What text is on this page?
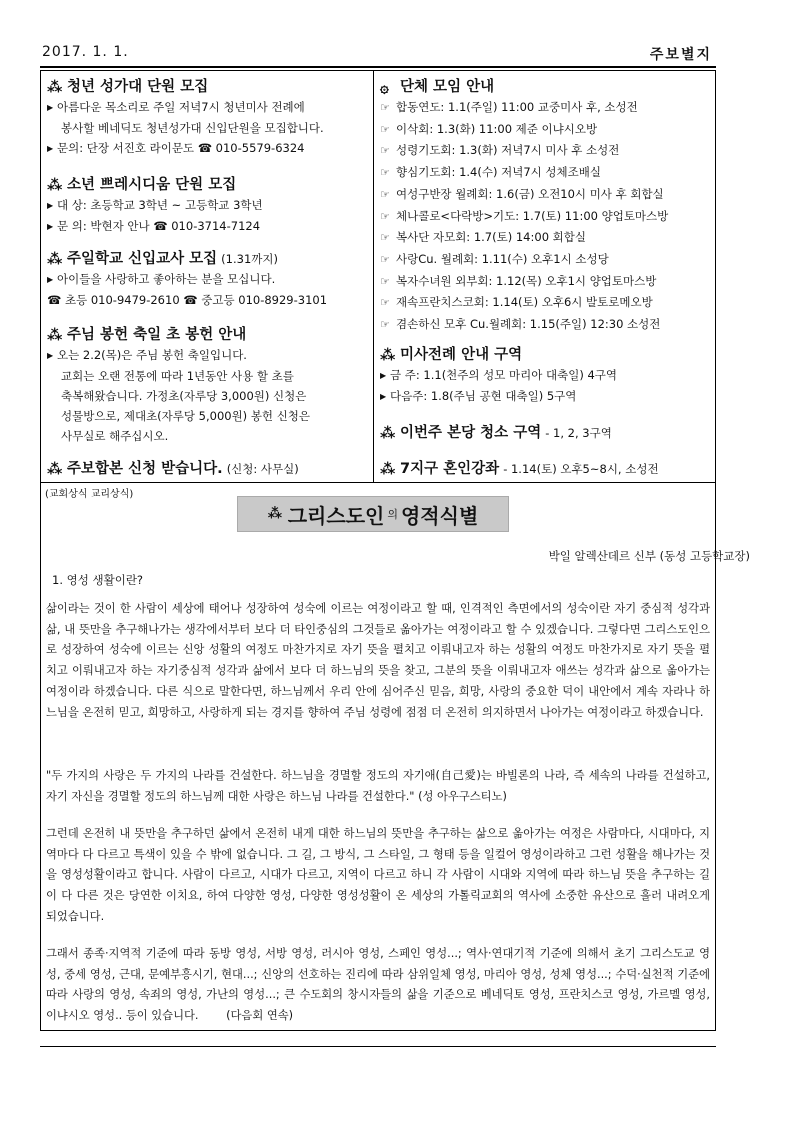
2017. 1. 1.	주보별지
⁂ 청년 성가대 단원 모집
▶ 아름다운 목소리로 주일 저녁7시 청년미사 전례에
봉사할 베네딕도 청년성가대 신입단원을 모집합니다.
▶ 문의: 단장 서진호 라이문도 ☎ 010-5579-6324
⁂ 소년 쁘레시디움 단원 모집
▶ 대 상: 초등학교 3학년 ~ 고등학교 3학년
▶ 문 의: 박현자 안나 ☎ 010-3714-7124
⁂ 주일학교 신입교사 모집 (1.31까지)
▶ 아이들을 사랑하고 좋아하는 분을 모십니다.
☎ 초등 010-9479-2610 ☎ 중고등 010-8929-3101
⁂ 주님 봉헌 축일 초 봉헌 안내
▶ 오는 2.2(목)은 주님 봉헌 축일입니다.
교회는 오랜 전통에 따라 1년동안 사용 할 초를
축복해왔습니다. 가정초(자루당 3,000원) 신청은
성물방으로, 제대초(자루당 5,000원) 봉헌 신청은
사무실로 해주십시오.
⁂ 주보합본 신청 받습니다. (신청: 사무실)
۞ 단체 모임 안내
☞ 합동연도: 1.1(주일) 11:00 교중미사 후, 소성전
☞ 이삭회: 1.3(화) 11:00 제준 이냐시오방
☞ 성령기도회: 1.3(화) 저녁7시 미사 후 소성전
☞ 향심기도회: 1.4(수) 저녁7시 성체조배실
☞ 여성구반장 월례회: 1.6(금) 오전10시 미사 후 회합실
☞ 체나콜로<다락방>기도: 1.7(토) 11:00 양업토마스방
☞ 복사단 자모회: 1.7(토) 14:00 회합실
☞ 사랑Cu. 월례회: 1.11(수) 오후1시 소성당
☞ 복자수녀원 외부회: 1.12(목) 오후1시 양업토마스방
☞ 재속프란치스코회: 1.14(토) 오후6시 발토로메오방
☞ 겸손하신 모후 Cu.월례회: 1.15(주일) 12:30 소성전
⁂ 미사전례 안내 구역
▶ 금 주: 1.1(천주의 성모 마리아 대축일) 4구역
▶ 다음주: 1.8(주님 공현 대축일) 5구역
⁂ 이번주 본당 청소 구역 - 1, 2, 3구역
⁂ 7지구 혼인강좌 - 1.14(토) 오후5~8시, 소성전
(교회상식 교리상식)
⁂ 그리스도인 의 영적식별
박일 알렉산데르 신부 (동성 고등학교장)
1. 영성 생활이란?
삶이라는 것이 한 사람이 세상에 태어나 성장하여 성숙에 이르는 여정이라고 할 때, 인격적인 측면에서의 성숙이란 자기 중심적 성각과 삶, 내 뜻만을 추구해나가는 생각에서부터 보다 더 타인중심의 그것들로 옮아가는 여정이라고 할 수 있겠습니다. 그렇다면 그리스도인으로 성장하여 성숙에 이르는 신앙 성활의 여정도 마찬가지로 자기 뜻을 펼치고 이뤄내고자 하는 성활의 여정도 마찬가지로 자기 뜻을 펼치고 이뤄내고자 하는 자기중심적 성각과 삶에서 보다 더 하느님의 뜻을 찾고, 그분의 뜻을 이뤄내고자 애쓰는 성각과 삶으로 옮아가는 여정이라 하겠습니다. 다른 식으로 말한다면, 하느님께서 우리 안에 심어주신 믿음, 희망, 사랑의 중요한 덕이 내안에서 계속 자라나 하느님을 온전히 믿고, 희망하고, 사랑하게 되는 경지를 향하여 주님 성령에 점점 더 온전히 의지하면서 나아가는 여정이라고 하겠습니다.
"두 가지의 사랑은 두 가지의 나라를 건설한다. 하느님을 경멸할 정도의 자기애(自己愛)는 바빌론의 나라, 즉 세속의 나라를 건설하고, 자기 자신을 경멸할 정도의 하느님께 대한 사랑은 하느님 나라를 건설한다." (성 아우구스티노)
그런데 온전히 내 뜻만을 추구하던 삶에서 온전히 내게 대한 하느님의 뜻만을 추구하는 삶으로 옮아가는 여정은 사람마다, 시대마다, 지역마다 다 다르고 특색이 있을 수 밖에 없습니다. 그 길, 그 방식, 그 스타일, 그 형태 등을 일컬어 영성이라하고 그런 성활을 해나가는 것을 영성성활이라고 합니다. 사람이 다르고, 시대가 다르고, 지역이 다르고 하니 각 사람이 시대와 지역에 따라 하느님 뜻을 추구하는 길이 다 다른 것은 당연한 이치요, 하여 다양한 영성, 다양한 영성성활이 온 세상의 가톨릭교회의 역사에 소중한 유산으로 흘러 내려오게 되었습니다.
그래서 종족·지역적 기준에 따라 동방 영성, 서방 영성, 러시아 영성, 스페인 영성...; 역사·연대기적 기준에 의해서 초기 그리스도교 영성, 중세 영성, 근대, 문예부흥시기, 현대...; 신앙의 선호하는 진리에 따라 삼위일체 영성, 마리아 영성, 성체 영성...; 수덕·실천적 기준에 따라 사랑의 영성, 속죄의 영성, 가난의 영성...; 큰 수도회의 창시자들의 삶을 기준으로 베네딕토 영성, 프란치스코 영성, 가르멜 영성, 이냐시오 영성.. 등이 있습니다. (다음회 연속)
